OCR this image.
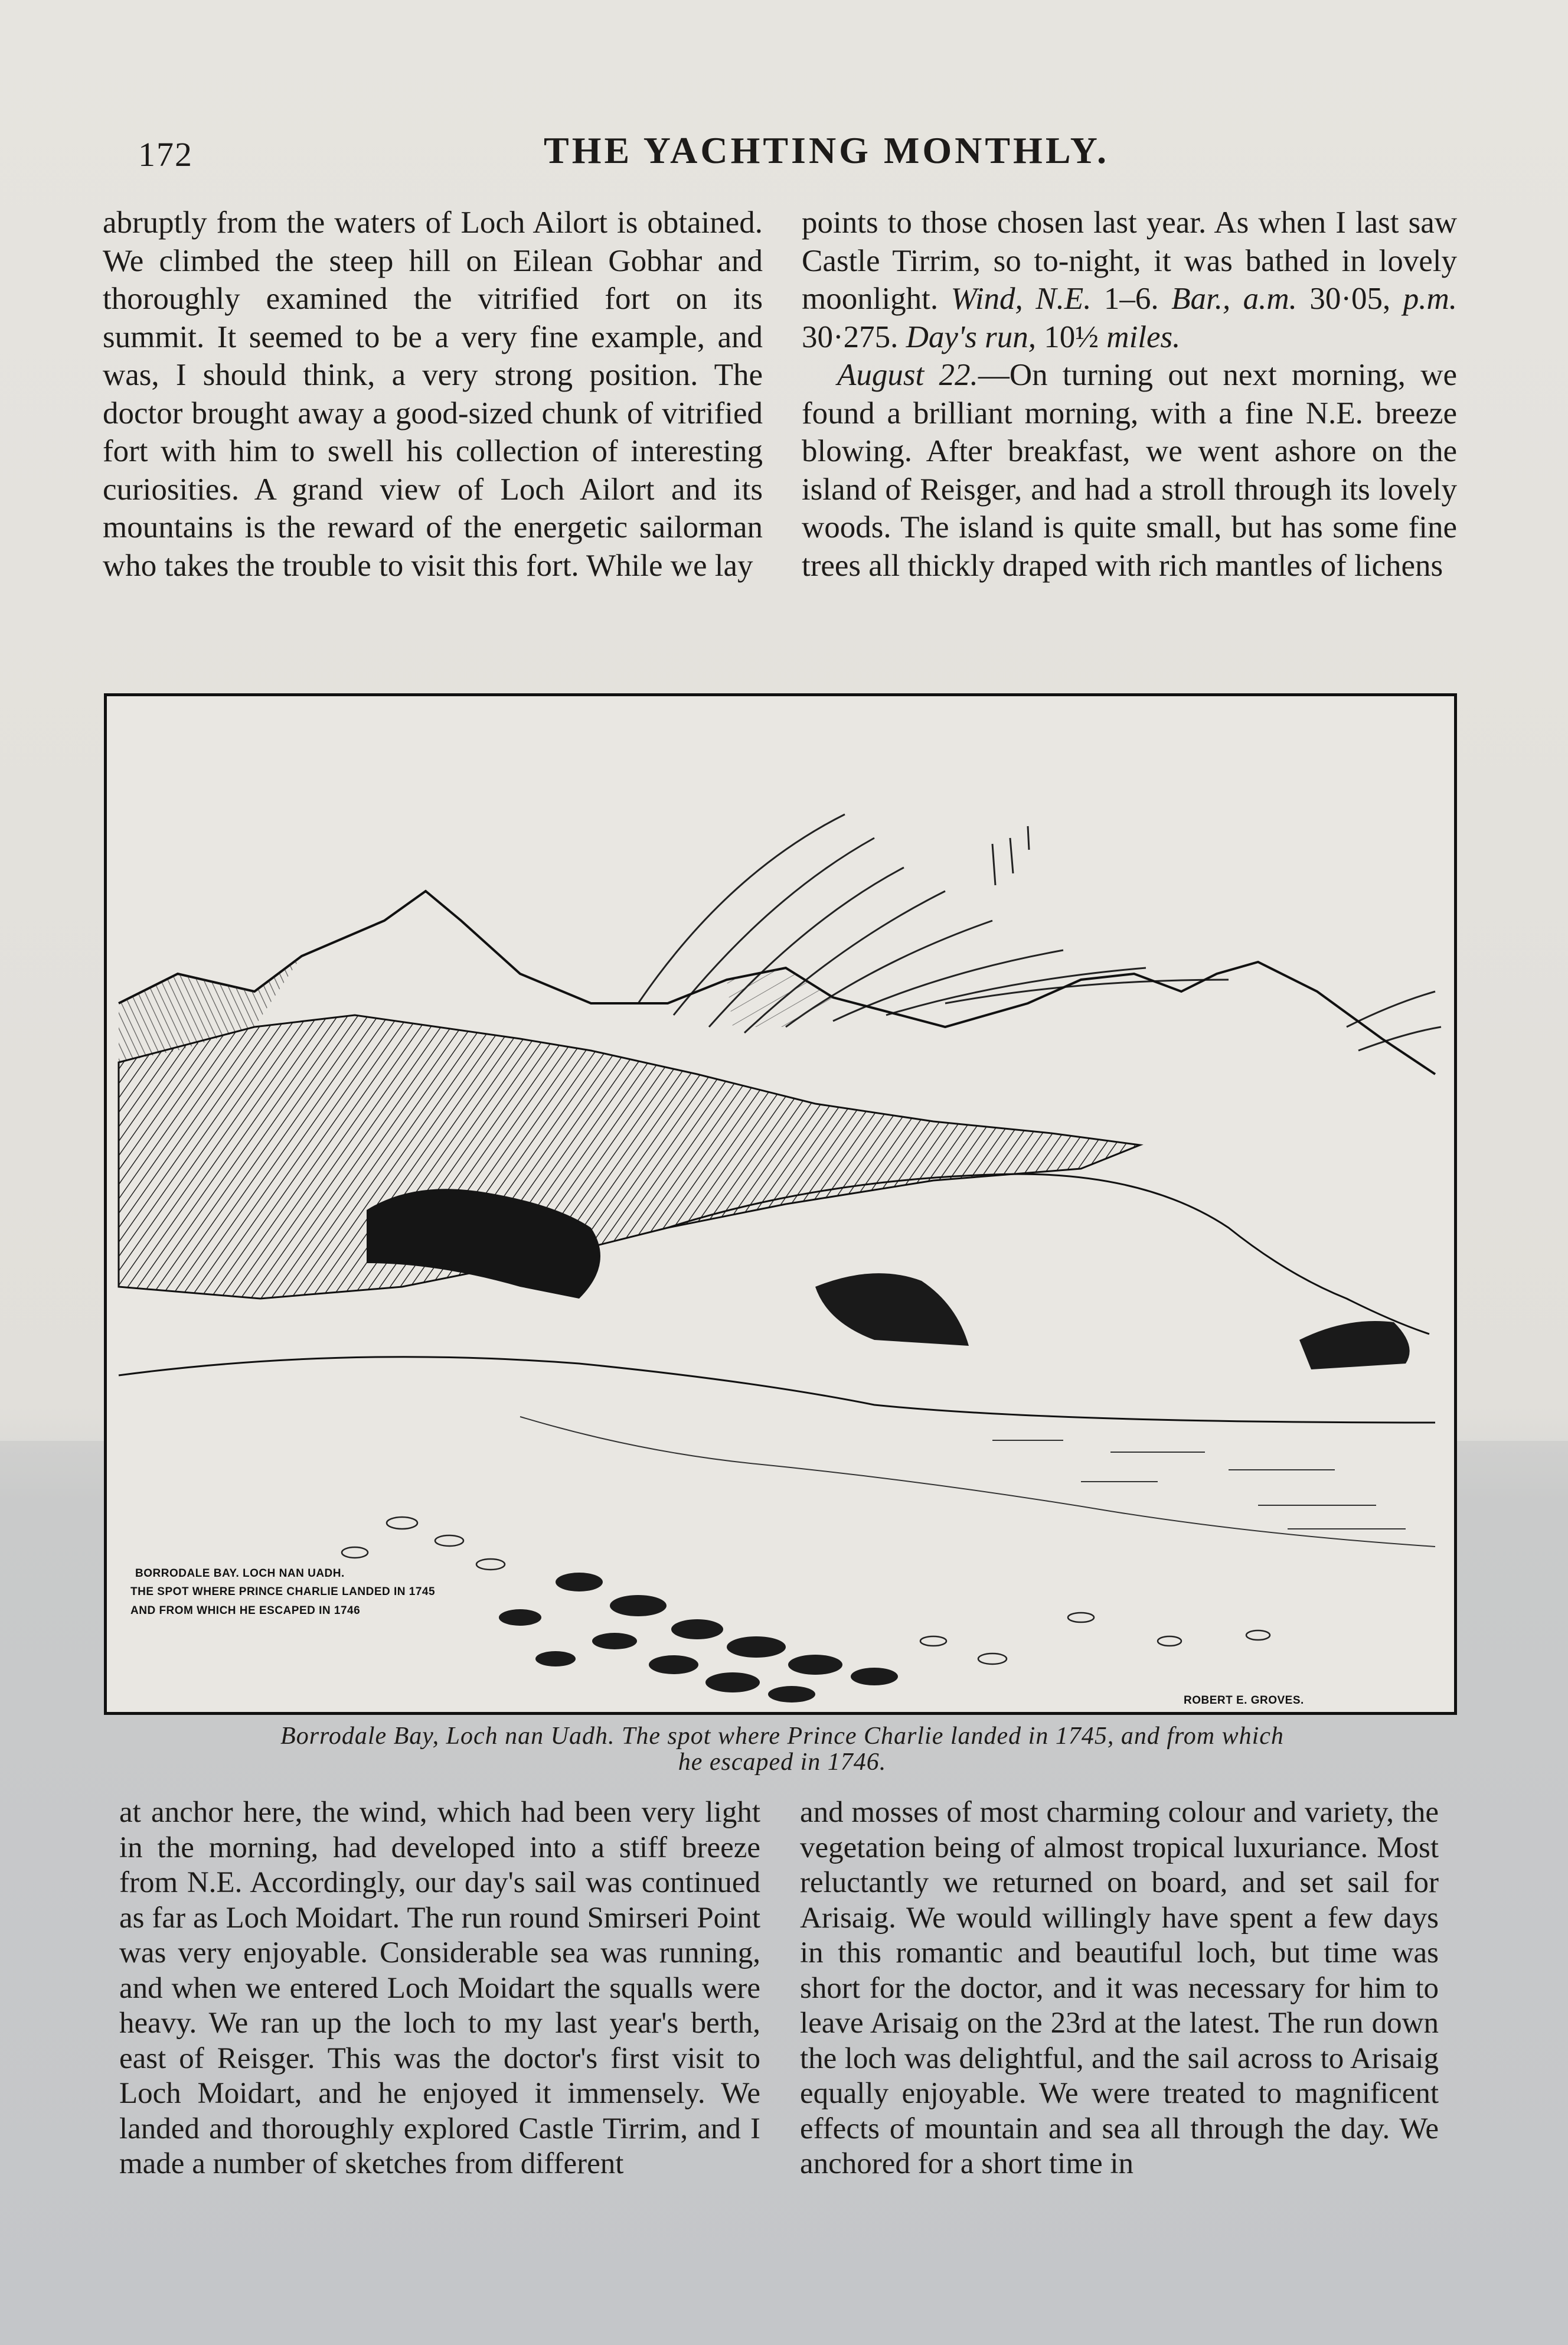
172	THE YACHTING MONTHLY.

abruptly from the waters of Loch Ailort is obtained. We climbed the steep hill on Eilean Gobhar and thoroughly examined the vitrified fort on its summit. It seemed to be a very fine example, and was, I should think, a very strong position. The doctor brought away a good-sized chunk of vitrified fort with him to swell his collection of interesting curiosities. A grand view of Loch Ailort and its mountains is the reward of the energetic sailorman who takes the trouble to visit this fort. While we lay

points to those chosen last year. As when I last saw Castle Tirrim, so to-night, it was bathed in lovely moonlight. Wind, N.E. 1–6. Bar., a.m. 30·05, p.m. 30·275. Day's run, 10½ miles.

August 22.—On turning out next morning, we found a brilliant morning, with a fine N.E. breeze blowing. After breakfast, we went ashore on the island of Reisger, and had a stroll through its lovely woods. The island is quite small, but has some fine trees all thickly draped with rich mantles of lichens

BORRODALE BAY. LOCH NAN UADH.
THE SPOT WHERE PRINCE CHARLIE LANDED IN 1745
AND FROM WHICH HE ESCAPED IN 1746
ROBERT E. GROVES.
Borrodale Bay, Loch nan Uadh. The spot where Prince Charlie landed in 1745, and from which
he escaped in 1746.

at anchor here, the wind, which had been very light in the morning, had developed into a stiff breeze from N.E. Accordingly, our day's sail was continued as far as Loch Moidart. The run round Smirseri Point was very enjoyable. Considerable sea was running, and when we entered Loch Moidart the squalls were heavy. We ran up the loch to my last year's berth, east of Reisger. This was the doctor's first visit to Loch Moidart, and he enjoyed it immensely. We landed and thoroughly explored Castle Tirrim, and I made a number of sketches from different

and mosses of most charming colour and variety, the vegetation being of almost tropical luxuriance. Most reluctantly we returned on board, and set sail for Arisaig. We would willingly have spent a few days in this romantic and beautiful loch, but time was short for the doctor, and it was necessary for him to leave Arisaig on the 23rd at the latest. The run down the loch was delightful, and the sail across to Arisaig equally enjoyable. We were treated to magnificent effects of mountain and sea all through the day. We anchored for a short time in
